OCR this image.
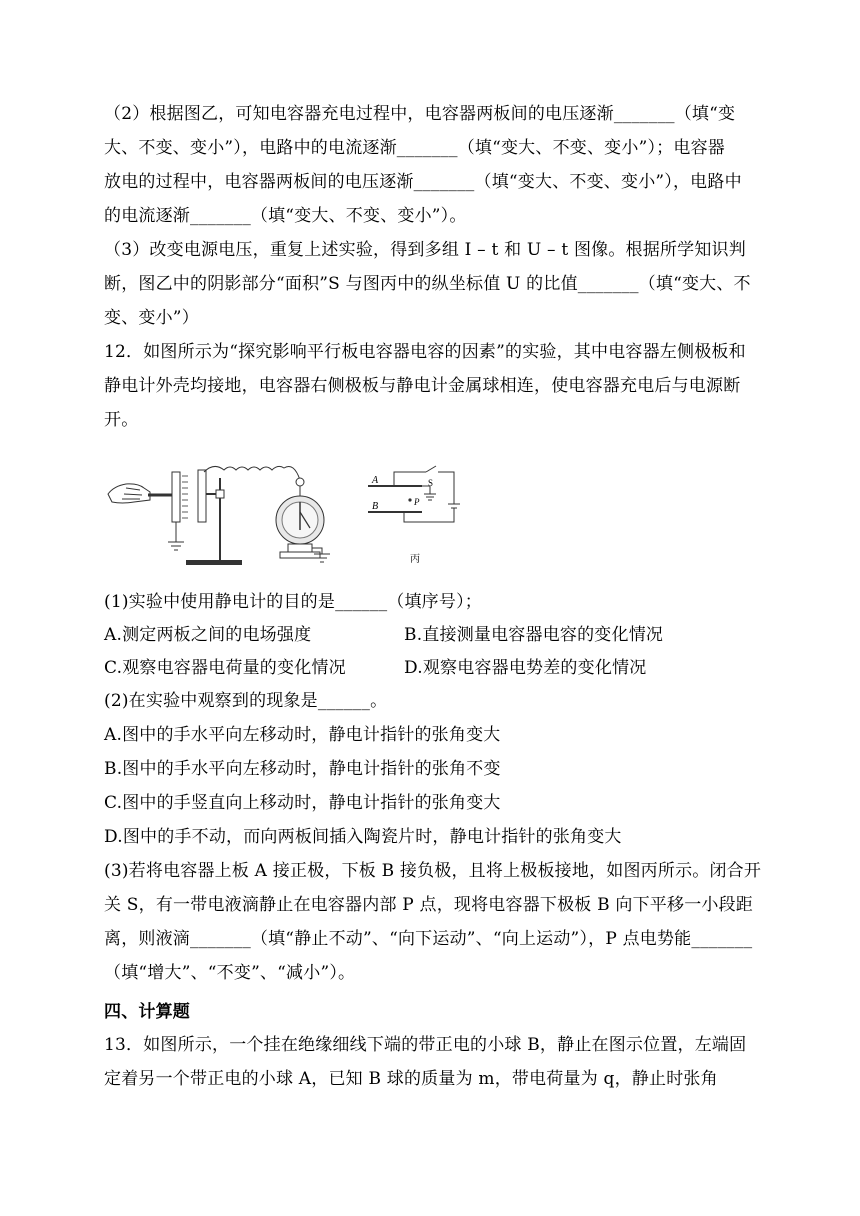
（2）根据图乙，可知电容器充电过程中，电容器两板间的电压逐渐_______（填“变
大、不变、变小”），电路中的电流逐渐_______（填“变大、不变、变小”）；电容器
放电的过程中，电容器两板间的电压逐渐_______（填“变大、不变、变小”），电路中
的电流逐渐_______（填“变大、不变、变小”）。
（3）改变电源电压，重复上述实验，得到多组 I – t 和 U – t 图像。根据所学知识判
断，图乙中的阴影部分“面积”S 与图丙中的纵坐标值 U 的比值_______（填“变大、不
变、变小”）
12．如图所示为“探究影响平行板电容器电容的因素”的实验，其中电容器左侧极板和
静电计外壳均接地，电容器右侧极板与静电计金属球相连，使电容器充电后与电源断
开。
A
B
S
P
丙
(1)实验中使用静电计的目的是______（填序号）；
A.测定两板之间的电场强度	B.直接测量电容器电容的变化情况
C.观察电容器电荷量的变化情况	D.观察电容器电势差的变化情况
(2)在实验中观察到的现象是______。
A.图中的手水平向左移动时，静电计指针的张角变大
B.图中的手水平向左移动时，静电计指针的张角不变
C.图中的手竖直向上移动时，静电计指针的张角变大
D.图中的手不动，而向两板间插入陶瓷片时，静电计指针的张角变大
(3)若将电容器上板 A 接正极，下板 B 接负极，且将上极板接地，如图丙所示。闭合开
关 S，有一带电液滴静止在电容器内部 P 点，现将电容器下极板 B 向下平移一小段距
离，则液滴_______（填“静止不动”、“向下运动”、“向上运动”），P 点电势能_______
（填“增大”、“不变”、“减小”）。
四、计算题
13．如图所示，一个挂在绝缘细线下端的带正电的小球 B，静止在图示位置，左端固
定着另一个带正电的小球 A，已知 B 球的质量为 m，带电荷量为 q，静止时张角
